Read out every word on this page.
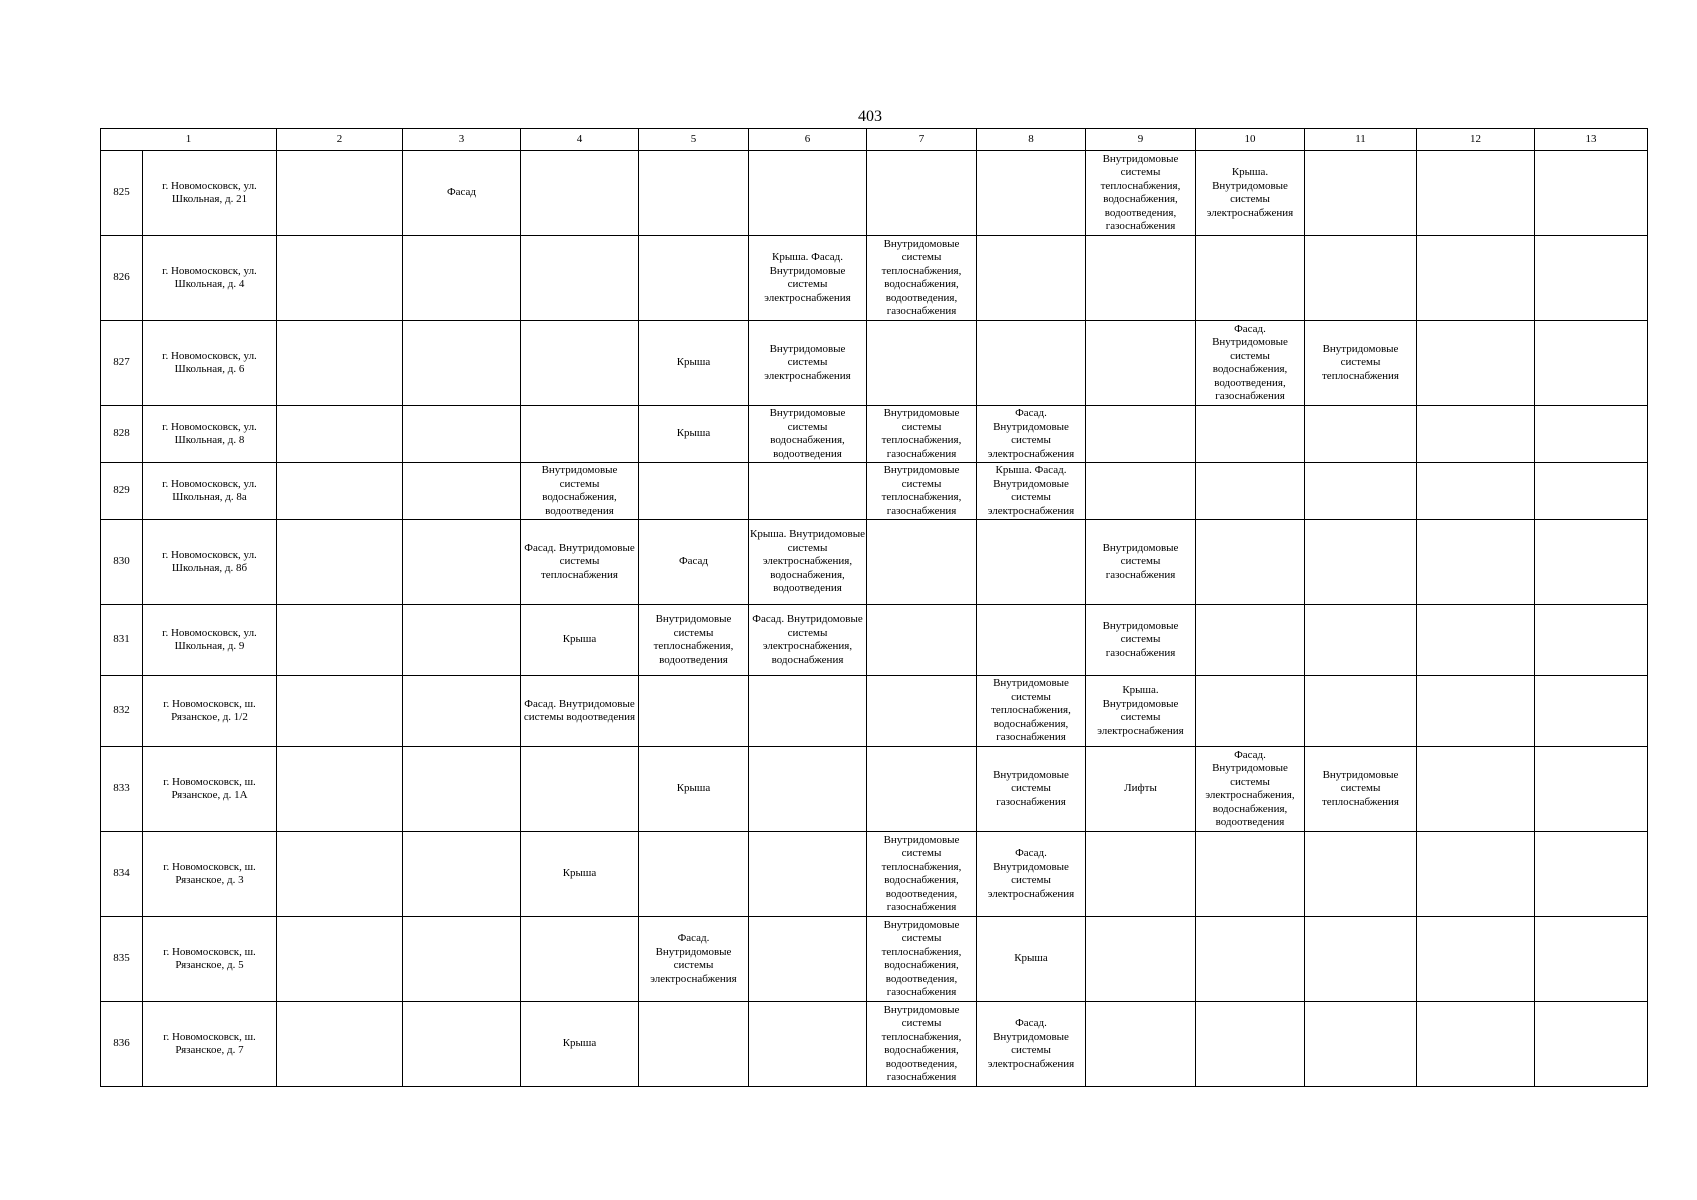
403
1		2	3	4	5	6	7	8	9	10	11	12	13
825	г. Новомосковск, ул. Школьная, д. 21		Фасад						Внутридомовые системы теплоснабжения, водоснабжения, водоотведения, газоснабжения	Крыша. Внутридомовые системы электроснабжения			
826	г. Новомосковск, ул. Школьная, д. 4					Крыша. Фасад. Внутридомовые системы электроснабжения	Внутридомовые системы теплоснабжения, водоснабжения, водоотведения, газоснабжения						
827	г. Новомосковск, ул. Школьная, д. 6				Крыша	Внутридомовые системы электроснабжения				Фасад. Внутридомовые системы водоснабжения, водоотведения, газоснабжения	Внутридомовые системы теплоснабжения		
828	г. Новомосковск, ул. Школьная, д. 8				Крыша	Внутридомовые системы водоснабжения, водоотведения	Внутридомовые системы теплоснабжения, газоснабжения	Фасад. Внутридомовые системы электроснабжения					
829	г. Новомосковск, ул. Школьная, д. 8а			Внутридомовые системы водоснабжения, водоотведения			Внутридомовые системы теплоснабжения, газоснабжения	Крыша. Фасад. Внутридомовые системы электроснабжения					
830	г. Новомосковск, ул. Школьная, д. 8б			Фасад. Внутридомовые системы теплоснабжения	Фасад	Крыша. Внутридомовые системы электроснабжения, водоснабжения, водоотведения			Внутридомовые системы газоснабжения				
831	г. Новомосковск, ул. Школьная, д. 9			Крыша	Внутридомовые системы теплоснабжения, водоотведения	Фасад. Внутридомовые системы электроснабжения, водоснабжения			Внутридомовые системы газоснабжения				
832	г. Новомосковск, ш. Рязанское, д. 1/2			Фасад. Внутридомовые системы водоотведения				Внутридомовые системы теплоснабжения, водоснабжения, газоснабжения	Крыша. Внутридомовые системы электроснабжения				
833	г. Новомосковск, ш. Рязанское, д. 1А				Крыша			Внутридомовые системы газоснабжения	Лифты	Фасад. Внутридомовые системы электроснабжения, водоснабжения, водоотведения	Внутридомовые системы теплоснабжения		
834	г. Новомосковск, ш. Рязанское, д. 3			Крыша			Внутридомовые системы теплоснабжения, водоснабжения, водоотведения, газоснабжения	Фасад. Внутридомовые системы электроснабжения					
835	г. Новомосковск, ш. Рязанское, д. 5				Фасад. Внутридомовые системы электроснабжения		Внутридомовые системы теплоснабжения, водоснабжения, водоотведения, газоснабжения	Крыша					
836	г. Новомосковск, ш. Рязанское, д. 7			Крыша			Внутридомовые системы теплоснабжения, водоснабжения, водоотведения, газоснабжения	Фасад. Внутридомовые системы электроснабжения					
